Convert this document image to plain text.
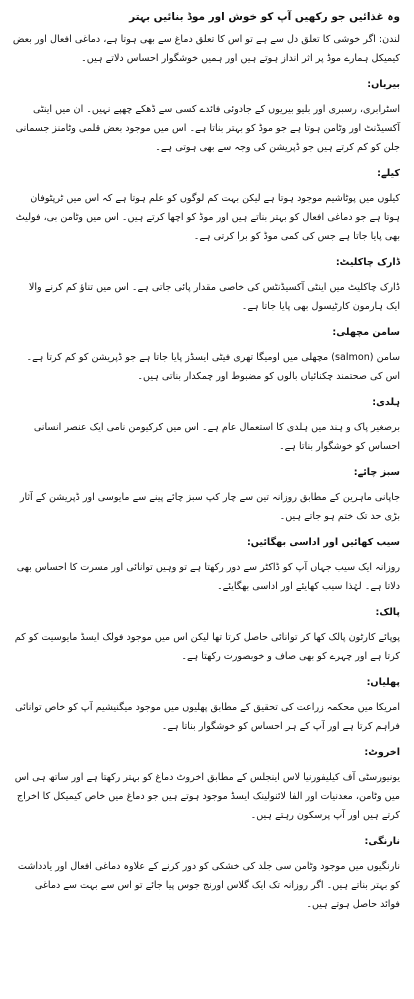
وہ غذائیں جو رکھیں آپ کو خوش اور موڈ بنائیں بہتر
لندن: اگر خوشی کا تعلق دل سے ہے تو اس کا تعلق دماغ سے بھی ہوتا ہے، دماغی افعال اور بعض کیمیکل ہمارے موڈ پر اثر انداز ہوتے ہیں اور ہمیں خوشگوار احساس دلاتے ہیں۔
بیریاں:
اسٹرابری، رسبری اور بلیو بیریوں کے جادوئی فائدے کسی سے ڈھکے چھپے نہیں۔ ان میں اینٹی آکسیڈنٹ اور وٹامن ہوتا ہے جو موڈ کو بہتر بناتا ہے۔ اس میں موجود بعض قلمی وٹامنز جسمانی جلن کو کم کرتے ہیں جو ڈپریشن کی وجہ سے بھی ہوتی ہے۔
کیلے:
کیلوں میں پوٹاشیم موجود ہوتا ہے لیکن بہت کم لوگوں کو علم ہوتا ہے کہ اس میں ٹرپٹوفان ہوتا ہے جو دماغی افعال کو بہتر بناتے ہیں اور موڈ کو اچھا کرتے ہیں۔ اس میں وٹامن بی، فولیٹ بھی پایا جاتا ہے جس کی کمی موڈ کو برا کرتی ہے۔
ڈارک چاکلیٹ:
ڈارک چاکلیٹ میں اینٹی آکسیڈنٹس کی خاصی مقدار پائی جاتی ہے۔ اس میں تناؤ کم کرنے والا ایک ہارمون کارٹیسول بھی پایا جاتا ہے۔
سامن مچھلی:
سامن (salmon) مچھلی میں اومیگا تھری فیٹی ایسڈز پایا جاتا ہے جو ڈپریشن کو کم کرتا ہے۔ اس کی صحتمند چکنائیاں بالوں کو مضبوط اور چمکدار بناتی ہیں۔
ہلدی:
برصغیر پاک و ہند میں ہلدی کا استعمال عام ہے۔ اس میں کرکیومن نامی ایک عنصر انسانی احساس کو خوشگوار بناتا ہے۔
سبز چائے:
جاپانی ماہرین کے مطابق روزانہ تین سے چار کپ سبز چائے پینے سے مایوسی اور ڈپریشن کے آثار بڑی حد تک ختم ہو جاتے ہیں۔
سیب کھائیں اور اداسی بھگائیں:
روزانہ ایک سیب جہاں آپ کو ڈاکٹر سے دور رکھتا ہے تو وہیں توانائی اور مسرت کا احساس بھی دلاتا ہے۔ لہٰذا سیب کھایئے اور اداسی بھگایئے۔
پالک:
پوپائے کارٹون پالک کھا کر توانائی حاصل کرتا تھا لیکن اس میں موجود فولک ایسڈ مایوسیت کو کم کرتا ہے اور چہرے کو بھی صاف و خوبصورت رکھتا ہے۔
پھلیاں:
امریکا میں محکمہ زراعت کی تحقیق کے مطابق پھلیوں میں موجود میگنیشیم آپ کو خاص توانائی فراہم کرتا ہے اور آپ کے ہر احساس کو خوشگوار بناتا ہے۔
اخروٹ:
یونیورسٹی آف کیلیفورنیا لاس اینجلس کے مطابق اخروٹ دماغ کو بہتر رکھتا ہے اور ساتھ ہی اس میں وٹامن، معدنیات اور الفا لائنولینک ایسڈ موجود ہوتے ہیں جو دماغ میں خاص کیمیکل کا اخراج کرتے ہیں اور آپ پرسکون رہتے ہیں۔
نارنگی:
نارنگیوں میں موجود وٹامن سی جلد کی خشکی کو دور کرنے کے علاوہ دماغی افعال اور یادداشت کو بہتر بناتے ہیں۔ اگر روزانہ تک ایک گلاس اورنج جوس پیا جائے تو اس سے بہت سے دماغی فوائد حاصل ہوتے ہیں۔
